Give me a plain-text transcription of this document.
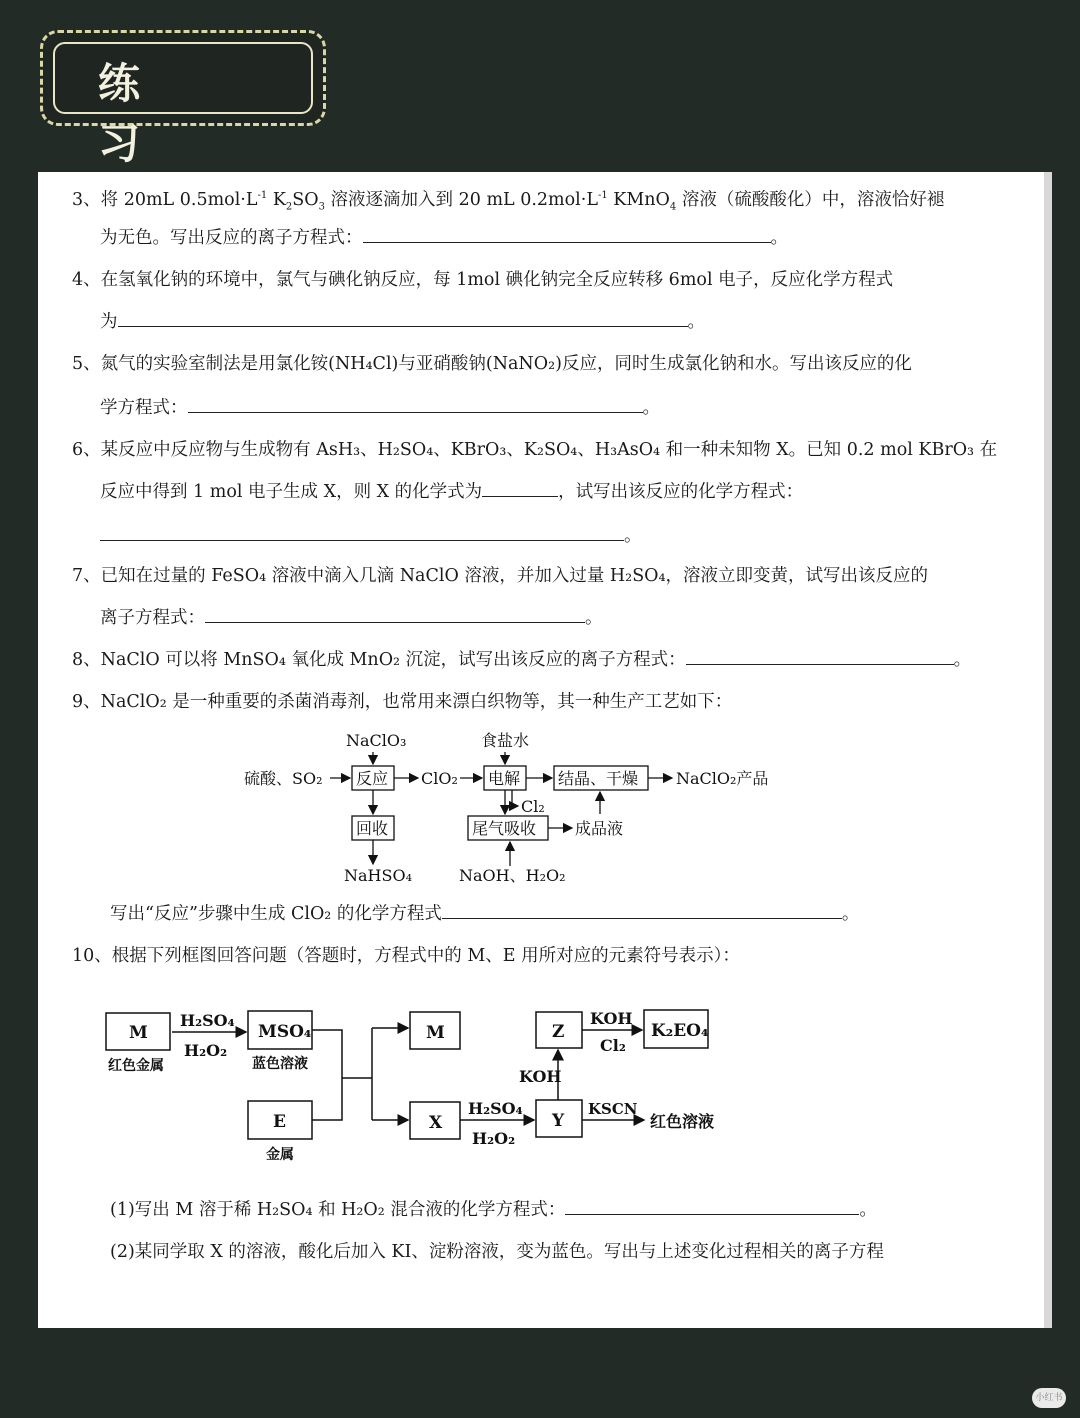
练 习
3、将 20mL $0.5mol\cdot L^{-1}$ $K_2SO_3$ 溶液逐滴加入到 20 mL $0.2mol\cdot L^{-1}$ KMnO$_4$ 溶液（硫酸酸化）中，溶液恰好褪
为无色。写出反应的离子方程式：	。
4、在氢氧化钠的环境中，氯气与碘化钠反应，每 1mol 碘化钠完全反应转移 6mol 电子，反应化学方程式
为	。
5、氮气的实验室制法是用氯化铵(NH₄Cl)与亚硝酸钠(NaNO₂)反应，同时生成氯化钠和水。写出该反应的化
学方程式：	。
6、某反应中反应物与生成物有 AsH₃、H₂SO₄、KBrO₃、K₂SO₄、H₃AsO₄ 和一种未知物 X。已知 0.2 mol KBrO₃ 在
反应中得到 1 mol 电子生成 X，则 X 的化学式为	，试写出该反应的化学方程式：
。
7、已知在过量的 FeSO₄ 溶液中滴入几滴 NaClO 溶液，并加入过量 H₂SO₄，溶液立即变黄，试写出该反应的
离子方程式：	。
8、NaClO 可以将 MnSO₄ 氧化成 MnO₂ 沉淀，试写出该反应的离子方程式：	。
9、NaClO₂ 是一种重要的杀菌消毒剂，也常用来漂白织物等，其一种生产工艺如下：
硫酸、SO₂
NaClO₃
反应 ClO₂
食盐水
电解
Cl₂
结晶、干燥 NaClO₂产品
回收
NaHSO₄
尾气吸收 成品液
NaOH、H₂O₂
写出“反应”步骤中生成 ClO₂ 的化学方程式	。
10、根据下列框图回答问题（答题时，方程式中的 M、E 用所对应的元素符号表示）：
M
红色金属
H₂SO₄
H₂O₂
MSO₄
蓝色溶液
E
金属
M
X
H₂SO₄
H₂O₂
Y
KOH
Z
KOH
Cl₂
K₂EO₄
KSCN
红色溶液
(1)写出 M 溶于稀 H₂SO₄ 和 H₂O₂ 混合液的化学方程式：	。
(2)某同学取 X 的溶液，酸化后加入 KI、淀粉溶液，变为蓝色。写出与上述变化过程相关的离子方程
小红书
